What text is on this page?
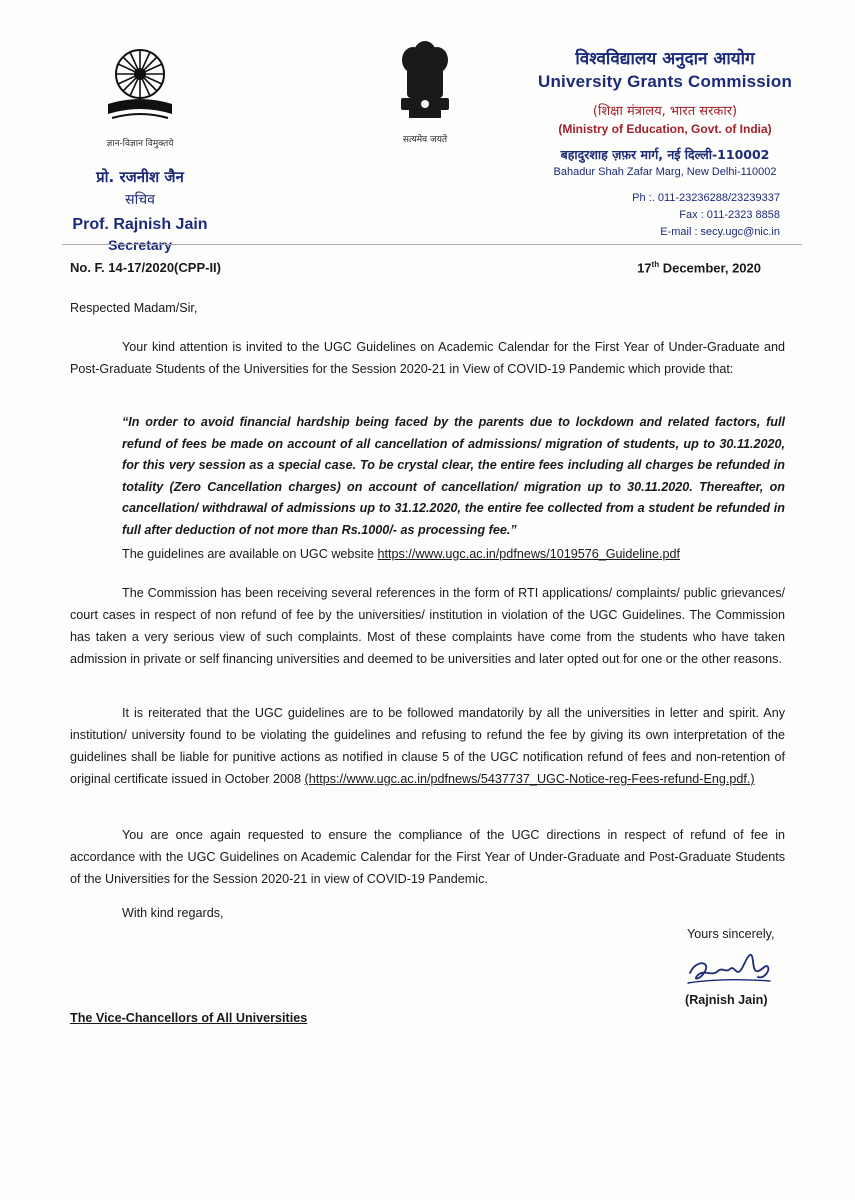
ज्ञान-विज्ञान विमुक्तये
प्रो. रजनीश जैन
सचिव
Prof. Rajnish Jain
Secretary
सत्यमेव जयते
विश्वविद्यालय अनुदान आयोग
University Grants Commission
(शिक्षा मंत्रालय, भारत सरकार)
(Ministry of Education, Govt. of India)
बहादुरशाह ज़फ़र मार्ग, नई दिल्ली-110002
Bahadur Shah Zafar Marg, New Delhi-110002
Ph :. 011-23236288/23239337
Fax : 011-2323 8858
E-mail : secy.ugc@nic.in
No. F. 14-17/2020(CPP-II)	17th December, 2020
Respected Madam/Sir,
Your kind attention is invited to the UGC Guidelines on Academic Calendar for the First Year of Under-Graduate and Post-Graduate Students of the Universities for the Session 2020-21 in View of COVID-19 Pandemic which provide that:
“In order to avoid financial hardship being faced by the parents due to lockdown and related factors, full refund of fees be made on account of all cancellation of admissions/ migration of students, up to 30.11.2020, for this very session as a special case. To be crystal clear, the entire fees including all charges be refunded in totality (Zero Cancellation charges) on account of cancellation/ migration up to 30.11.2020. Thereafter, on cancellation/ withdrawal of admissions up to 31.12.2020, the entire fee collected from a student be refunded in full after deduction of not more than Rs.1000/- as processing fee.”
The guidelines are available on UGC website https://www.ugc.ac.in/pdfnews/1019576_Guideline.pdf
The Commission has been receiving several references in the form of RTI applications/ complaints/ public grievances/ court cases in respect of non refund of fee by the universities/ institution in violation of the UGC Guidelines. The Commission has taken a very serious view of such complaints. Most of these complaints have come from the students who have taken admission in private or self financing universities and deemed to be universities and later opted out for one or the other reasons.
It is reiterated that the UGC guidelines are to be followed mandatorily by all the universities in letter and spirit. Any institution/ university found to be violating the guidelines and refusing to refund the fee by giving its own interpretation of the guidelines shall be liable for punitive actions as notified in clause 5 of the UGC notification refund of fees and non-retention of original certificate issued in October 2008 (https://www.ugc.ac.in/pdfnews/5437737_UGC-Notice-reg-Fees-refund-Eng.pdf.)
You are once again requested to ensure the compliance of the UGC directions in respect of refund of fee in accordance with the UGC Guidelines on Academic Calendar for the First Year of Under-Graduate and Post-Graduate Students of the Universities for the Session 2020-21 in view of COVID-19 Pandemic.
With kind regards,
Yours sincerely,
(Rajnish Jain)
The Vice-Chancellors of All Universities
